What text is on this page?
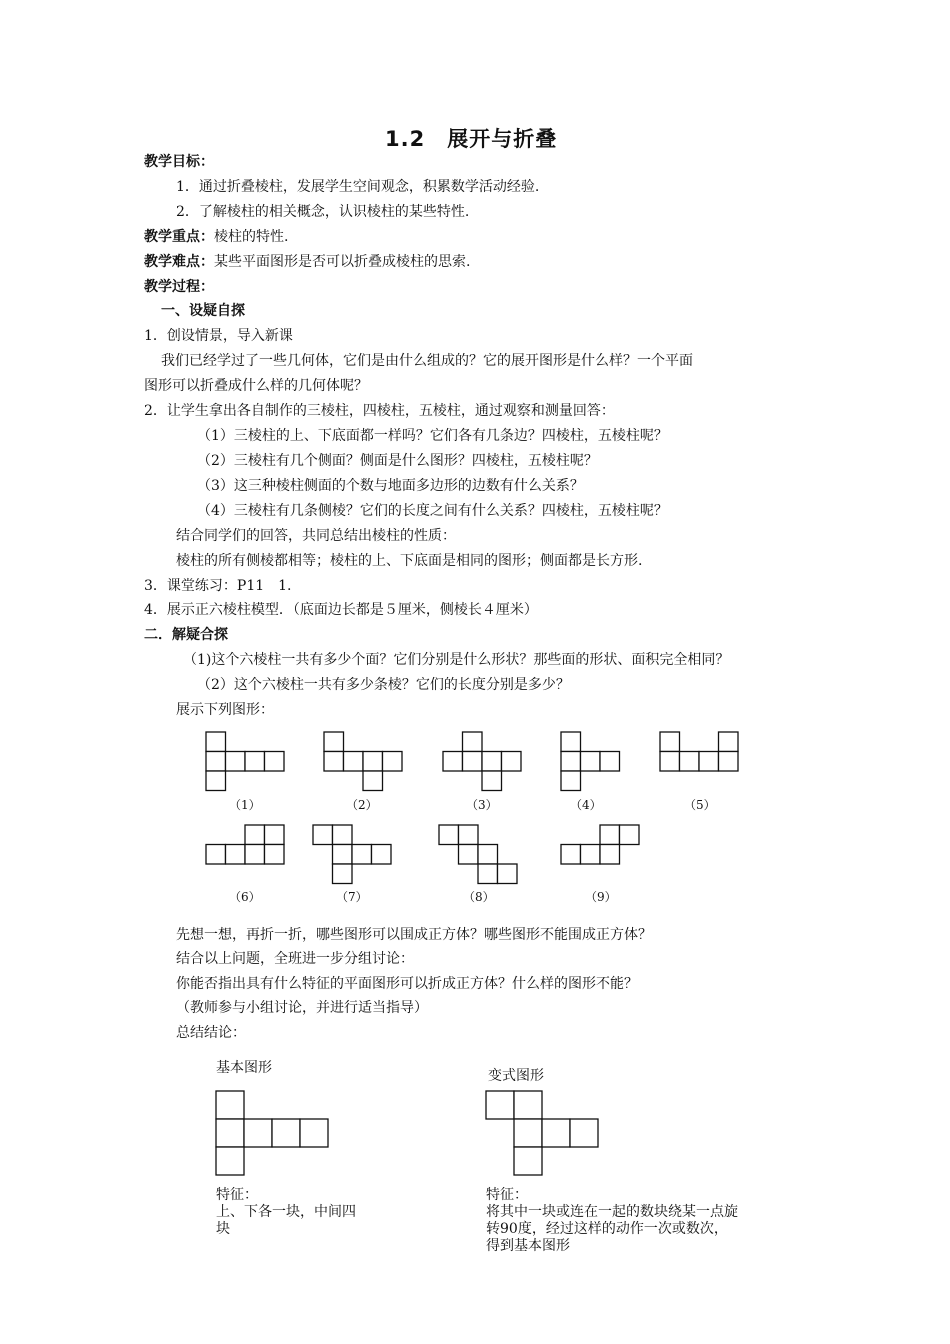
1.2　展开与折叠
教学目标：
1．通过折叠棱柱，发展学生空间观念，积累数学活动经验.
2．了解棱柱的相关概念，认识棱柱的某些特性.
教学重点：棱柱的特性.
教学难点：某些平面图形是否可以折叠成棱柱的思索.
教学过程：
一、设疑自探
1．创设情景，导入新课
我们已经学过了一些几何体，它们是由什么组成的？它的展开图形是什么样？一个平面
图形可以折叠成什么样的几何体呢？
2．让学生拿出各自制作的三棱柱，四棱柱，五棱柱，通过观察和测量回答：
（1）三棱柱的上、下底面都一样吗？它们各有几条边？四棱柱，五棱柱呢？
（2）三棱柱有几个侧面？侧面是什么图形？四棱柱，五棱柱呢？
（3）这三种棱柱侧面的个数与地面多边形的边数有什么关系？
（4）三棱柱有几条侧棱？它们的长度之间有什么关系？四棱柱，五棱柱呢？
结合同学们的回答，共同总结出棱柱的性质：
棱柱的所有侧棱都相等；棱柱的上、下底面是相同的图形；侧面都是长方形.
3．课堂练习：P11　1.
4．展示正六棱柱模型．（底面边长都是５厘米，侧棱长４厘米）
二．解疑合探
（1)这个六棱柱一共有多少个面？它们分别是什么形状？那些面的形状、面积完全相同？
（2）这个六棱柱一共有多少条棱？它们的长度分别是多少？
展示下列图形：
（1）	（2）	（3）	（4）	（5）
（6）	（7）	（8）	（9）
先想一想，再折一折，哪些图形可以围成正方体？哪些图形不能围成正方体？
结合以上问题，全班进一步分组讨论：
你能否指出具有什么特征的平面图形可以折成正方体？什么样的图形不能？
（教师参与小组讨论，并进行适当指导）
总结结论：
基本图形
特征：
上、下各一块，中间四块
变式图形
特征：
将其中一块或连在一起的数块绕某一点旋转90度，经过这样的动作一次或数次，得到基本图形
